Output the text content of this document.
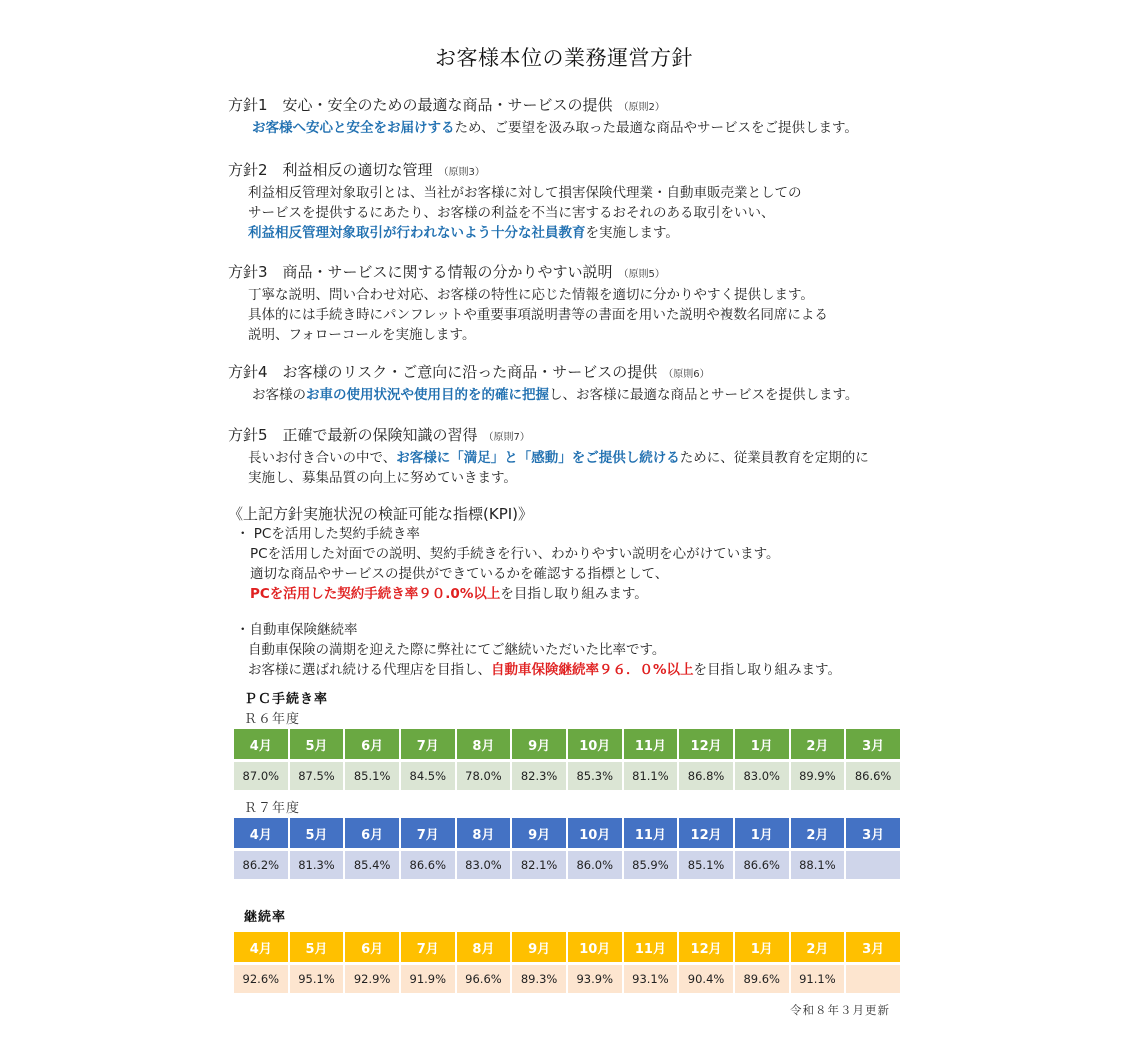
お客様本位の業務運営方針
方針1　安心・安全のための最適な商品・サービスの提供 （原則2）
お客様へ安心と安全をお届けするため、ご要望を汲み取った最適な商品やサービスをご提供します。
方針2　利益相反の適切な管理 （原則3）
利益相反管理対象取引とは、当社がお客様に対して損害保険代理業・自動車販売業としての
サービスを提供するにあたり、お客様の利益を不当に害するおそれのある取引をいい、
利益相反管理対象取引が行われないよう十分な社員教育を実施します。
方針3　商品・サービスに関する情報の分かりやすい説明 （原則5）
丁寧な説明、問い合わせ対応、お客様の特性に応じた情報を適切に分かりやすく提供します。
具体的には手続き時にパンフレットや重要事項説明書等の書面を用いた説明や複数名同席による
説明、フォローコールを実施します。
方針4　お客様のリスク・ご意向に沿った商品・サービスの提供 （原則6）
お客様のお車の使用状況や使用目的を的確に把握し、お客様に最適な商品とサービスを提供します。
方針5　正確で最新の保険知識の習得 （原則7）
長いお付き合いの中で、お客様に「満足」と「感動」をご提供し続けるために、従業員教育を定期的に
実施し、募集品質の向上に努めていきます。
《上記方針実施状況の検証可能な指標(KPI)》
・ PCを活用した契約手続き率
PCを活用した対面での説明、契約手続きを行い、わかりやすい説明を心がけています。
適切な商品やサービスの提供ができているかを確認する指標として、
PCを活用した契約手続き率９０.0%以上を目指し取り組みます。
・自動車保険継続率
自動車保険の満期を迎えた際に弊社にてご継続いただいた比率です。
お客様に選ばれ続ける代理店を目指し、自動車保険継続率９６．０%以上を目指し取り組みます。
ＰＣ手続き率
Ｒ６年度
4月	5月	6月	7月	8月	9月	10月	11月	12月	1月	2月	3月

87.0%	87.5%	85.1%	84.5%	78.0%	82.3%	85.3%	81.1%	86.8%	83.0%	89.9%	86.6%
Ｒ７年度
4月	5月	6月	7月	8月	9月	10月	11月	12月	1月	2月	3月

86.2%	81.3%	85.4%	86.6%	83.0%	82.1%	86.0%	85.9%	85.1%	86.6%	88.1%	
継続率
4月	5月	6月	7月	8月	9月	10月	11月	12月	1月	2月	3月

92.6%	95.1%	92.9%	91.9%	96.6%	89.3%	93.9%	93.1%	90.4%	89.6%	91.1%	
令和８年３月更新
